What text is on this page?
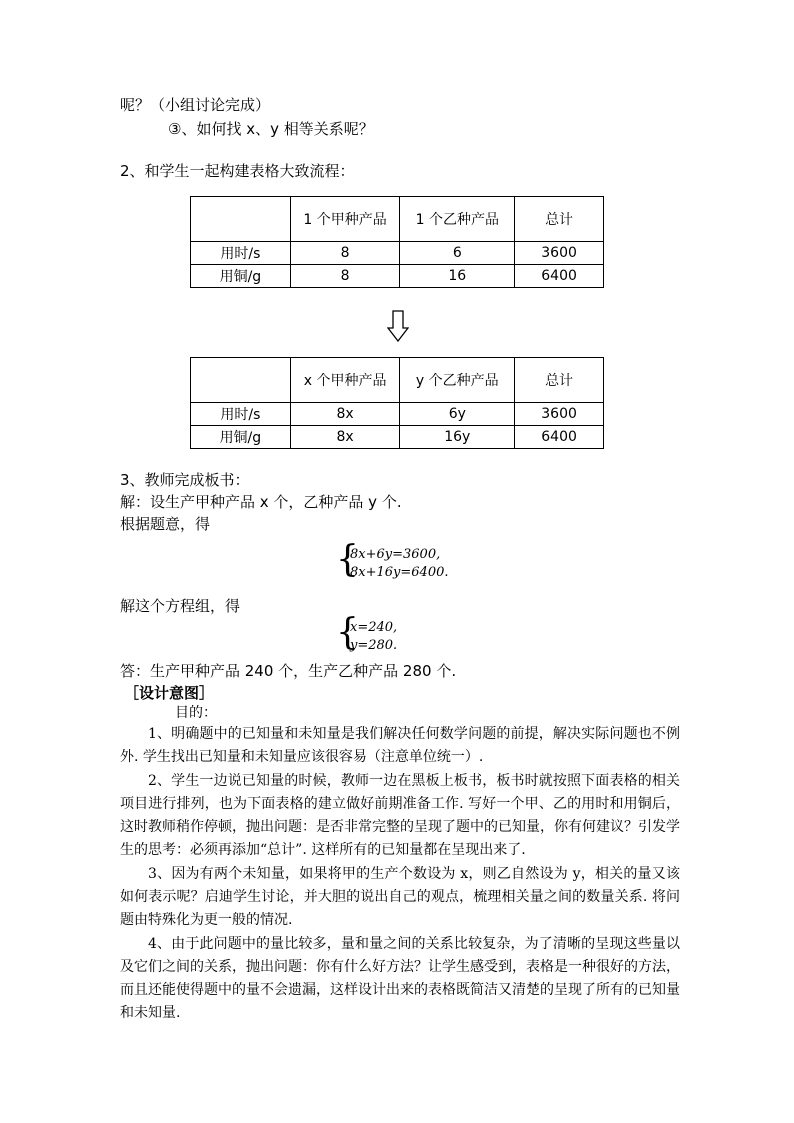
呢？（小组讨论完成）
③、如何找 x、y 相等关系呢？
2、和学生一起构建表格大致流程：
	1 个甲种产品	1 个乙种产品	总计
用时/s	8	6	3600
用铜/g	8	16	6400
	x 个甲种产品	y 个乙种产品	总计
用时/s	8x	6y	3600
用铜/g	8x	16y	6400
3、教师完成板书：
解：设生产甲种产品 x 个，乙种产品 y 个.
根据题意，得
{
8x+6y=3600,
8x+16y=6400.
解这个方程组，得
{
x=240,
y=280.
答：生产甲种产品 240 个，生产乙种产品 280 个.
［设计意图］
目的：
1、明确题中的已知量和未知量是我们解决任何数学问题的前提，解决实际问题也不例外. 学生找出已知量和未知量应该很容易（注意单位统一）.
2、学生一边说已知量的时候，教师一边在黑板上板书，板书时就按照下面表格的相关项目进行排列，也为下面表格的建立做好前期准备工作. 写好一个甲、乙的用时和用铜后，这时教师稍作停顿，抛出问题：是否非常完整的呈现了题中的已知量，你有何建议？引发学生的思考：必须再添加“总计”. 这样所有的已知量都在呈现出来了.
3、因为有两个未知量，如果将甲的生产个数设为 x，则乙自然设为 y，相关的量又该如何表示呢？启迪学生讨论，并大胆的说出自己的观点，梳理相关量之间的数量关系. 将问题由特殊化为更一般的情况.
4、由于此问题中的量比较多，量和量之间的关系比较复杂，为了清晰的呈现这些量以及它们之间的关系，抛出问题：你有什么好方法？让学生感受到，表格是一种很好的方法，而且还能使得题中的量不会遗漏，这样设计出来的表格既简洁又清楚的呈现了所有的已知量和未知量.
